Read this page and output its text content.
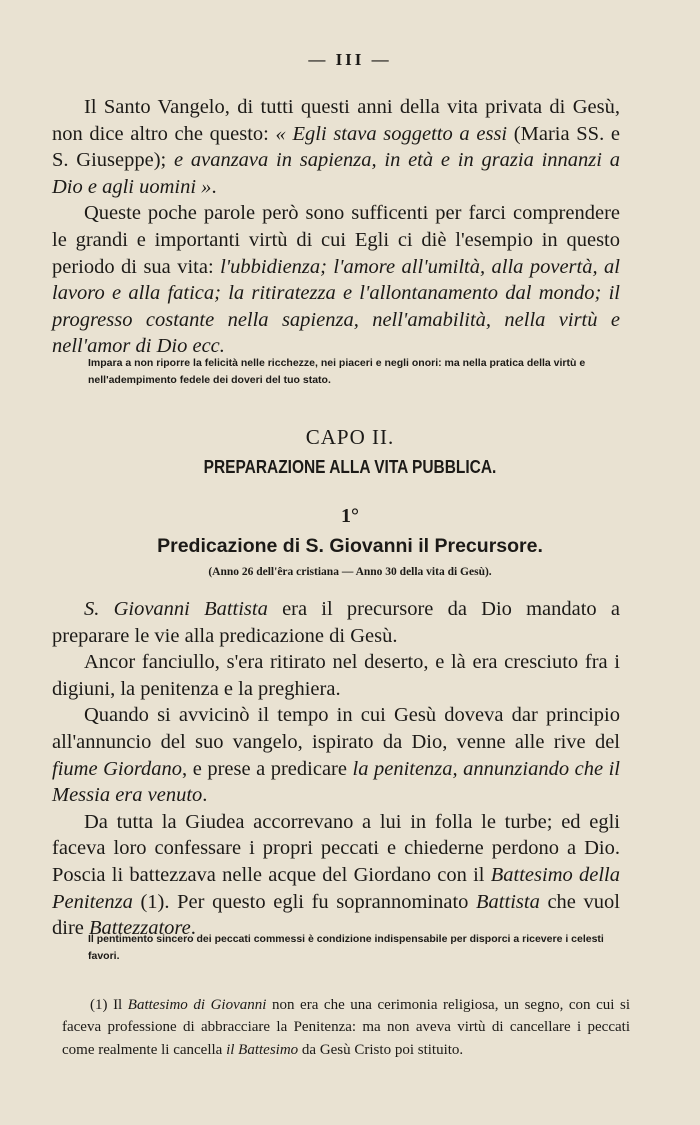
— III —

Il Santo Vangelo, di tutti questi anni della vita privata di Gesù, non dice altro che questo: « Egli stava soggetto a essi (Maria SS. e S. Giuseppe); e avanzava in sapienza, in età e in grazia innanzi a Dio e agli uomini ».

Queste poche parole però sono sufficenti per farci comprendere le grandi e importanti virtù di cui Egli ci diè l'esempio in questo periodo di sua vita: l'ubbidienza; l'amore all'umiltà, alla povertà, al lavoro e alla fatica; la ritiratezza e l'allontanamento dal mondo; il progresso costante nella sapienza, nell'amabilità, nella virtù e nell'amor di Dio ecc.

Impara a non riporre la felicità nelle ricchezze, nei piaceri e negli onori: ma nella pratica della virtù e nell'adempimento fedele dei doveri del tuo stato.

CAPO II.
PREPARAZIONE ALLA VITA PUBBLICA.
1°
Predicazione di S. Giovanni il Precursore.
(Anno 26 dell'êra cristiana — Anno 30 della vita di Gesù).

S. Giovanni Battista era il precursore da Dio mandato a preparare le vie alla predicazione di Gesù.

Ancor fanciullo, s'era ritirato nel deserto, e là era cresciuto fra i digiuni, la penitenza e la preghiera.

Quando si avvicinò il tempo in cui Gesù doveva dar principio all'annuncio del suo vangelo, ispirato da Dio, venne alle rive del fiume Giordano, e prese a predicare la penitenza, annunziando che il Messia era venuto.

Da tutta la Giudea accorrevano a lui in folla le turbe; ed egli faceva loro confessare i propri peccati e chiederne perdono a Dio. Poscia li battezzava nelle acque del Giordano con il Battesimo della Penitenza (1). Per questo egli fu soprannominato Battista che vuol dire Battezzatore.

Il pentimento sincero dei peccati commessi è condizione indispensabile per disporci a ricevere i celesti favori.

(1) Il Battesimo di Giovanni non era che una cerimonia religiosa, un segno, con cui si faceva professione di abbracciare la Penitenza: ma non aveva virtù di cancellare i peccati come realmente li cancella il Battesimo da Gesù Cristo poi stituito.
